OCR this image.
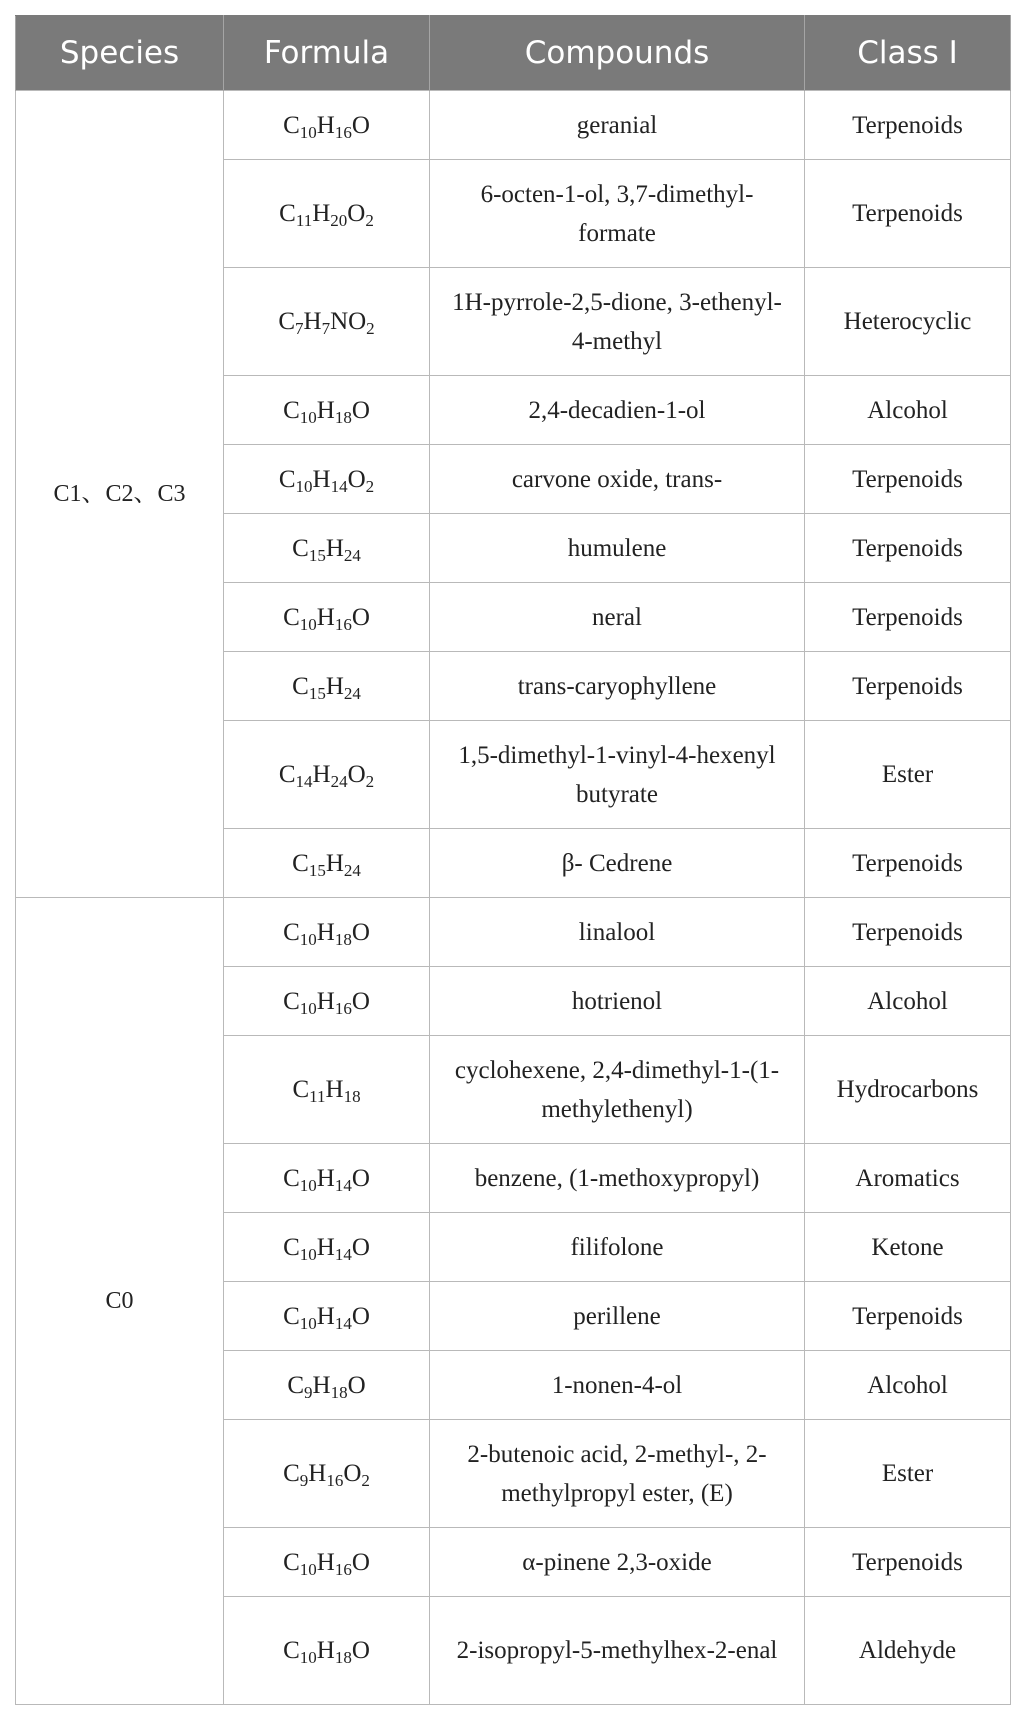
Species	Formula	Compounds	Class I
C1、C2、C3	$C_{10}H_{16}O$	geranial	Terpenoids
	$C_{11}H_{20}O_2$	6-octen-1-ol, 3,7-dimethyl-formate	Terpenoids
	$C_7H_7NO_2$	1H-pyrrole-2,5-dione, 3-ethenyl-4-methyl	Heterocyclic
	$C_{10}H_{18}O$	2,4-decadien-1-ol	Alcohol
	$C_{10}H_{14}O_2$	carvone oxide, trans-	Terpenoids
	$C_{15}H_{24}$	humulene	Terpenoids
	$C_{10}H_{16}O$	neral	Terpenoids
	$C_{15}H_{24}$	trans-caryophyllene	Terpenoids
	$C_{14}H_{24}O_2$	1,5-dimethyl-1-vinyl-4-hexenyl butyrate	Ester
	$C_{15}H_{24}$	β- Cedrene	Terpenoids
C0	$C_{10}H_{18}O$	linalool	Terpenoids
	$C_{10}H_{16}O$	hotrienol	Alcohol
	$C_{11}H_{18}$	cyclohexene, 2,4-dimethyl-1-(1-methylethenyl)	Hydrocarbons
	$C_{10}H_{14}O$	benzene, (1-methoxypropyl)	Aromatics
	$C_{10}H_{14}O$	filifolone	Ketone
	$C_{10}H_{14}O$	perillene	Terpenoids
	$C_9H_{18}O$	1-nonen-4-ol	Alcohol
	$C_9H_{16}O_2$	2-butenoic acid, 2-methyl-, 2-methylpropyl ester, (E)	Ester
	$C_{10}H_{16}O$	α-pinene 2,3-oxide	Terpenoids
	$C_{10}H_{18}O$	2-isopropyl-5-methylhex-2-enal	Aldehyde
